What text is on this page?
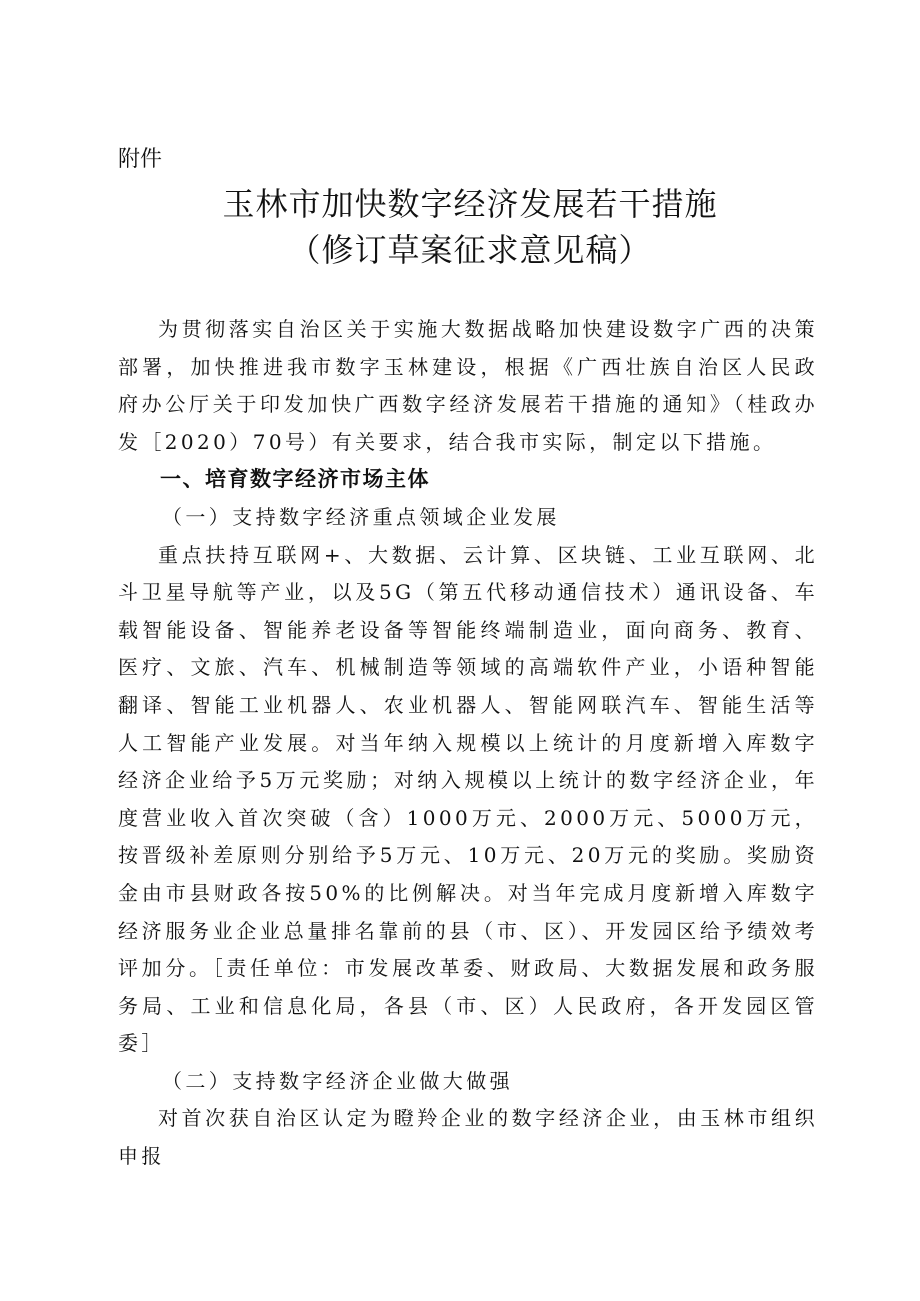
附件
玉林市加快数字经济发展若干措施
（修订草案征求意见稿）

为贯彻落实自治区关于实施大数据战略加快建设数字广西的决策部署，加快推进我市数字玉林建设，根据《广西壮族自治区人民政府办公厅关于印发加快广西数字经济发展若干措施的通知》（桂政办发［2020）70号）有关要求，结合我市实际，制定以下措施。

一、培育数字经济市场主体

（一）支持数字经济重点领域企业发展

重点扶持互联网+、大数据、云计算、区块链、工业互联网、北斗卫星导航等产业，以及5G（第五代移动通信技术）通讯设备、车载智能设备、智能养老设备等智能终端制造业，面向商务、教育、医疗、文旅、汽车、机械制造等领域的高端软件产业，小语种智能翻译、智能工业机器人、农业机器人、智能网联汽车、智能生活等人工智能产业发展。对当年纳入规模以上统计的月度新增入库数字经济企业给予5万元奖励；对纳入规模以上统计的数字经济企业，年度营业收入首次突破（含）1000万元、2000万元、5000万元，按晋级补差原则分别给予5万元、10万元、20万元的奖励。奖励资金由市县财政各按50%的比例解决。对当年完成月度新增入库数字经济服务业企业总量排名靠前的县（市、区）、开发园区给予绩效考评加分。［责任单位：市发展改革委、财政局、大数据发展和政务服务局、工业和信息化局，各县（市、区）人民政府，各开发园区管委］

（二）支持数字经济企业做大做强

对首次获自治区认定为瞪羚企业的数字经济企业，由玉林市组织申报
